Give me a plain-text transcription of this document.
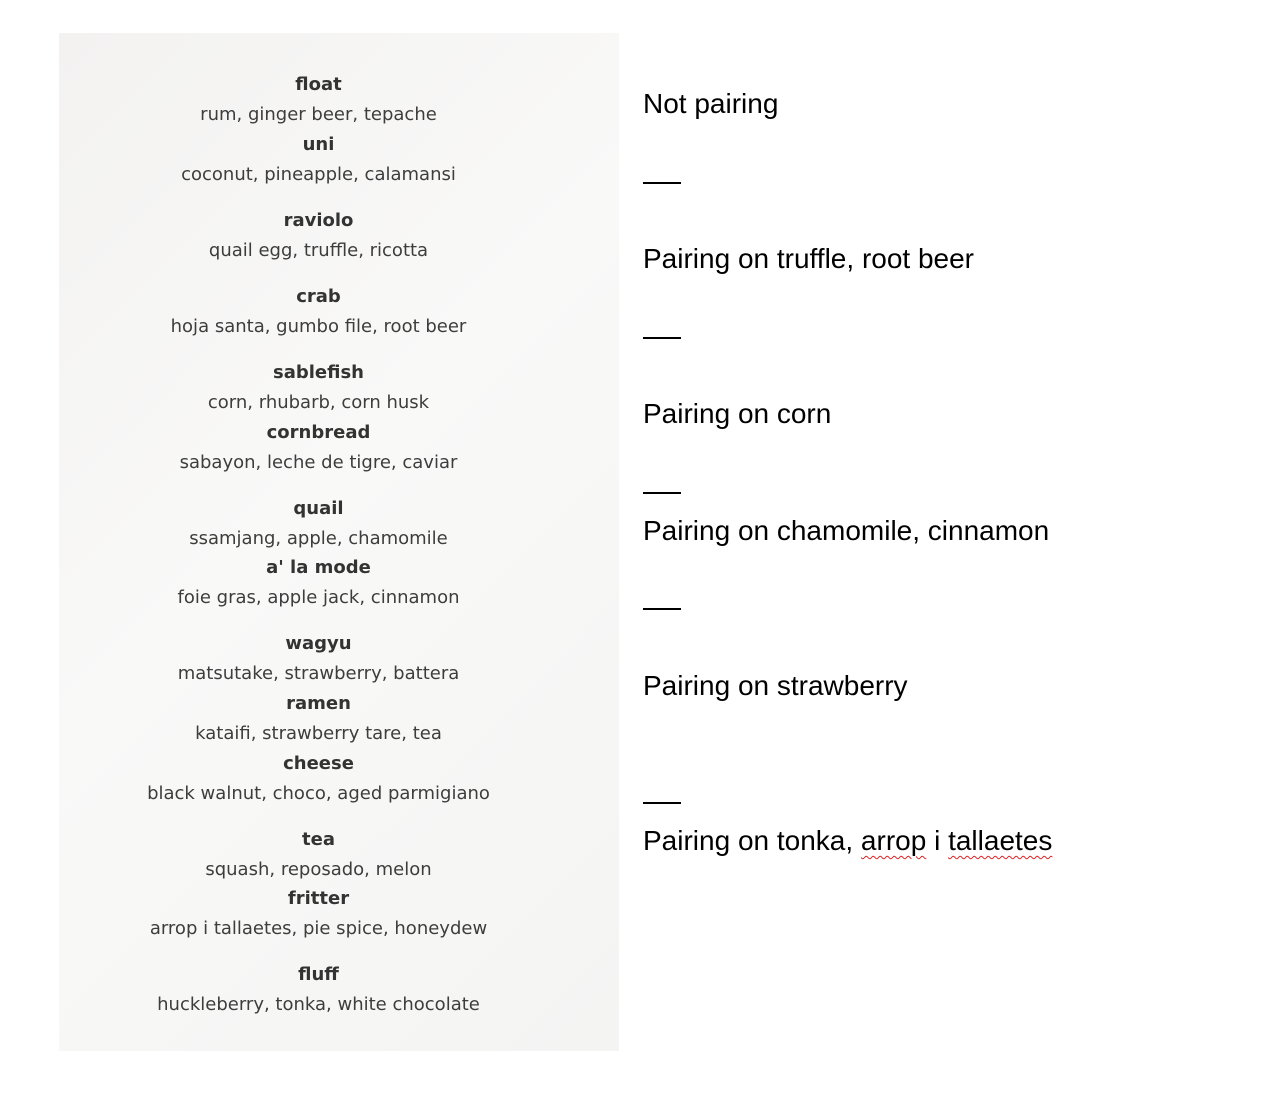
float
rum, ginger beer, tepache
uni
coconut, pineapple, calamansi
raviolo
quail egg, truffle, ricotta
crab
hoja santa, gumbo file, root beer
sablefish
corn, rhubarb, corn husk
cornbread
sabayon, leche de tigre, caviar
quail
ssamjang, apple, chamomile
a' la mode
foie gras, apple jack, cinnamon
wagyu
matsutake, strawberry, battera
ramen
kataifi, strawberry tare, tea
cheese
black walnut, choco, aged parmigiano
tea
squash, reposado, melon
fritter
arrop i tallaetes, pie spice, honeydew
fluff
huckleberry, tonka, white chocolate
Not pairing
Pairing on truffle, root beer
Pairing on corn
Pairing on chamomile, cinnamon
Pairing on strawberry
Pairing on tonka, arrop i tallaetes
